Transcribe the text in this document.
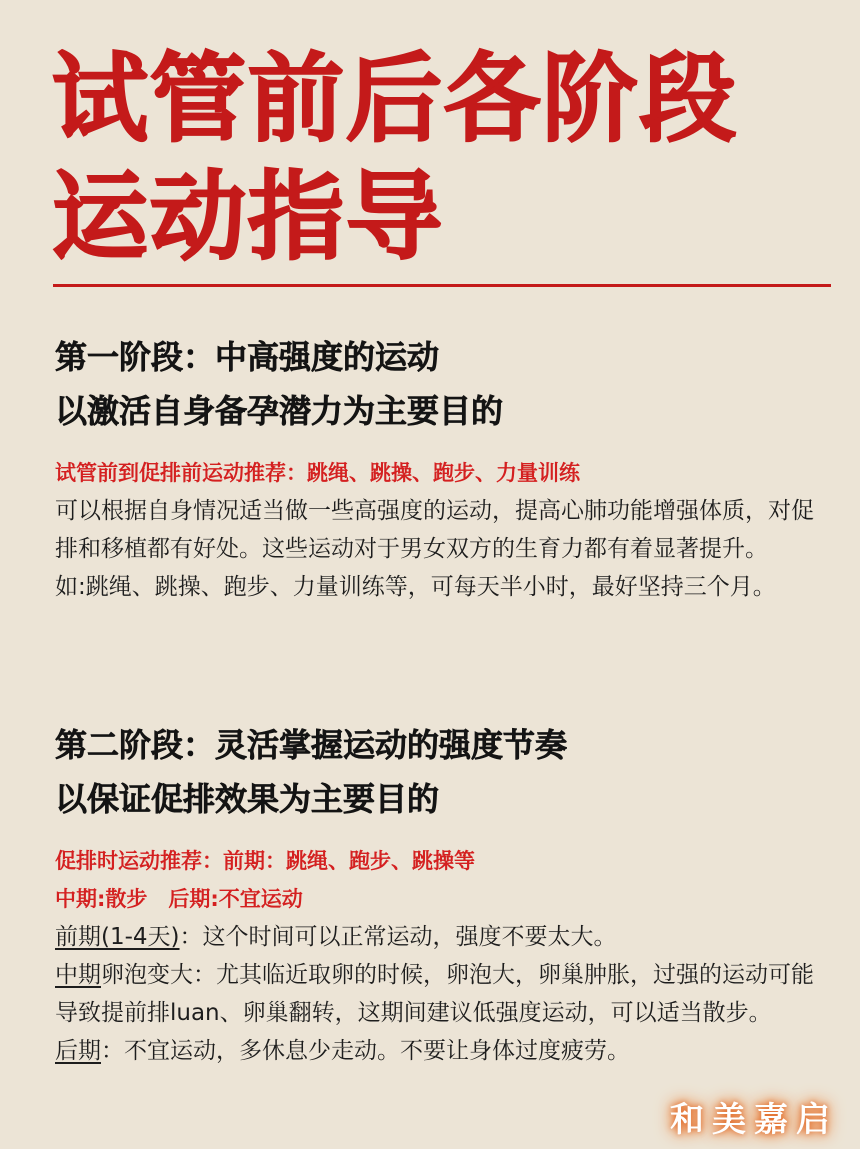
试管前后各阶段
运动指导
第一阶段：中高强度的运动
以激活自身备孕潜力为主要目的
试管前到促排前运动推荐：跳绳、跳操、跑步、力量训练
可以根据自身情况适当做一些高强度的运动，提高心肺功能增强体质，对促排和移植都有好处。这些运动对于男女双方的生育力都有着显著提升。
如:跳绳、跳操、跑步、力量训练等，可每天半小时，最好坚持三个月。
第二阶段：灵活掌握运动的强度节奏
以保证促排效果为主要目的
促排时运动推荐：前期：跳绳、跑步、跳操等
中期:散步　后期:不宜运动
前期(1-4天)：这个时间可以正常运动，强度不要太大。
中期卵泡变大：尤其临近取卵的时候，卵泡大，卵巢肿胀，过强的运动可能导致提前排luan、卵巢翻转，这期间建议低强度运动，可以适当散步。
后期：不宜运动，多休息少走动。不要让身体过度疲劳。
和美嘉启
